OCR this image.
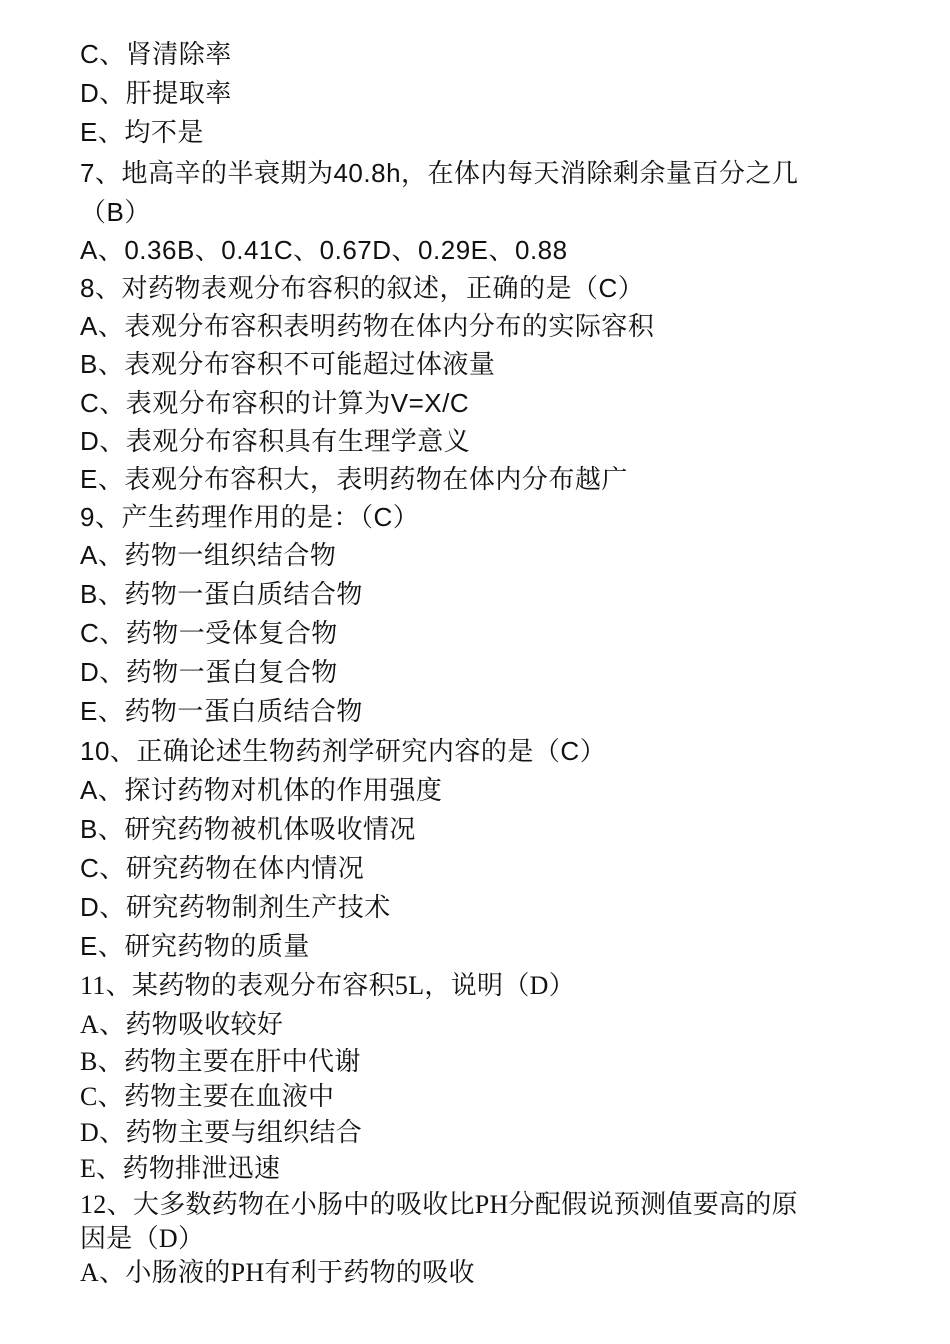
C、肾清除率
D、肝提取率
E、均不是
7、地高辛的半衰期为40.8h，在体内每天消除剩余量百分之几
（B）
A、0.36B、0.41C、0.67D、0.29E、0.88
8、对药物表观分布容积的叙述，正确的是（C）
A、表观分布容积表明药物在体内分布的实际容积
B、表观分布容积不可能超过体液量
C、表观分布容积的计算为V=X/C
D、表观分布容积具有生理学意义
E、表观分布容积大，表明药物在体内分布越广
9、产生药理作用的是：（C）
A、药物一组织结合物
B、药物一蛋白质结合物
C、药物一受体复合物
D、药物一蛋白复合物
E、药物一蛋白质结合物
10、正确论述生物药剂学研究内容的是（C）
A、探讨药物对机体的作用强度
B、研究药物被机体吸收情况
C、研究药物在体内情况
D、研究药物制剂生产技术
E、研究药物的质量
11、某药物的表观分布容积5L，说明（D）
A、药物吸收较好
B、药物主要在肝中代谢
C、药物主要在血液中
D、药物主要与组织结合
E、药物排泄迅速
12、大多数药物在小肠中的吸收比PH分配假说预测值要高的原
因是（D）
A、小肠液的PH有利于药物的吸收
